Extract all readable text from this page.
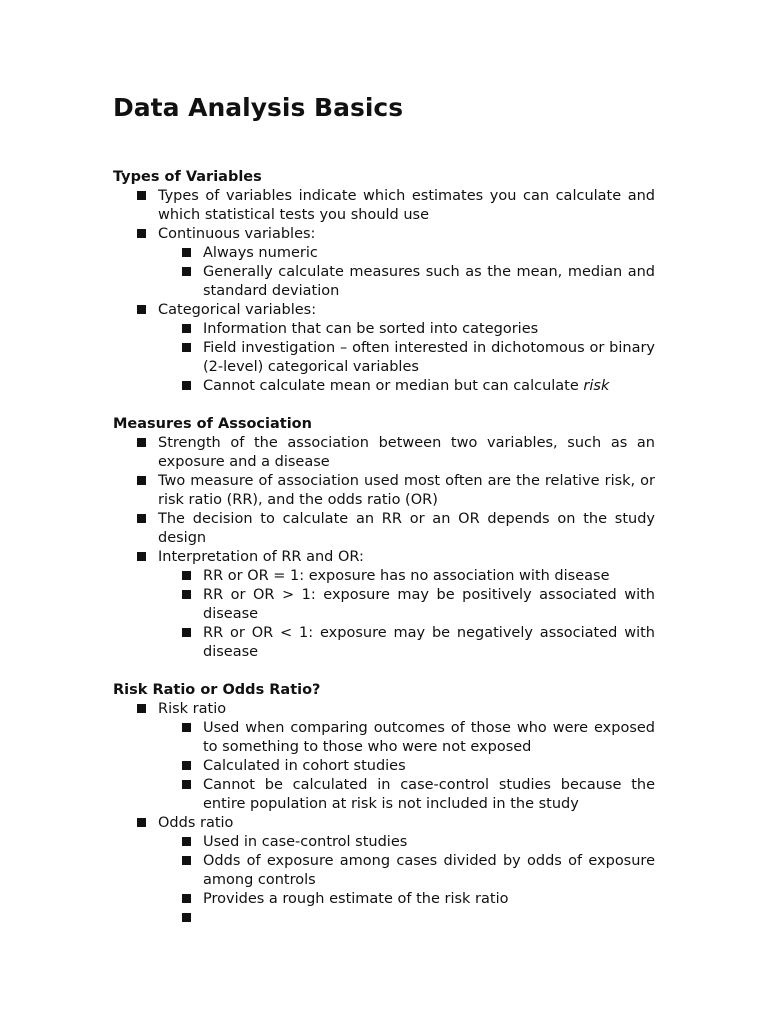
Data Analysis Basics
Types of Variables
Types of variables indicate which estimates you can calculate and which statistical tests you should use
Continuous variables:
Always numeric
Generally calculate measures such as the mean, median and standard deviation
Categorical variables:
Information that can be sorted into categories
Field investigation – often interested in dichotomous or binary (2-level) categorical variables
Cannot calculate mean or median but can calculate risk
Measures of Association
Strength of the association between two variables, such as an exposure and a disease
Two measure of association used most often are the relative risk, or risk ratio (RR), and the odds ratio (OR)
The decision to calculate an RR or an OR depends on the study design
Interpretation of RR and OR:
RR or OR = 1: exposure has no association with disease
RR or OR > 1: exposure may be positively associated with disease
RR or OR < 1: exposure may be negatively associated with disease
Risk Ratio or Odds Ratio?
Risk ratio
Used when comparing outcomes of those who were exposed to something to those who were not exposed
Calculated in cohort studies
Cannot be calculated in case-control studies because the entire population at risk is not included in the study
Odds ratio
Used in case-control studies
Odds of exposure among cases divided by odds of exposure among controls
Provides a rough estimate of the risk ratio
